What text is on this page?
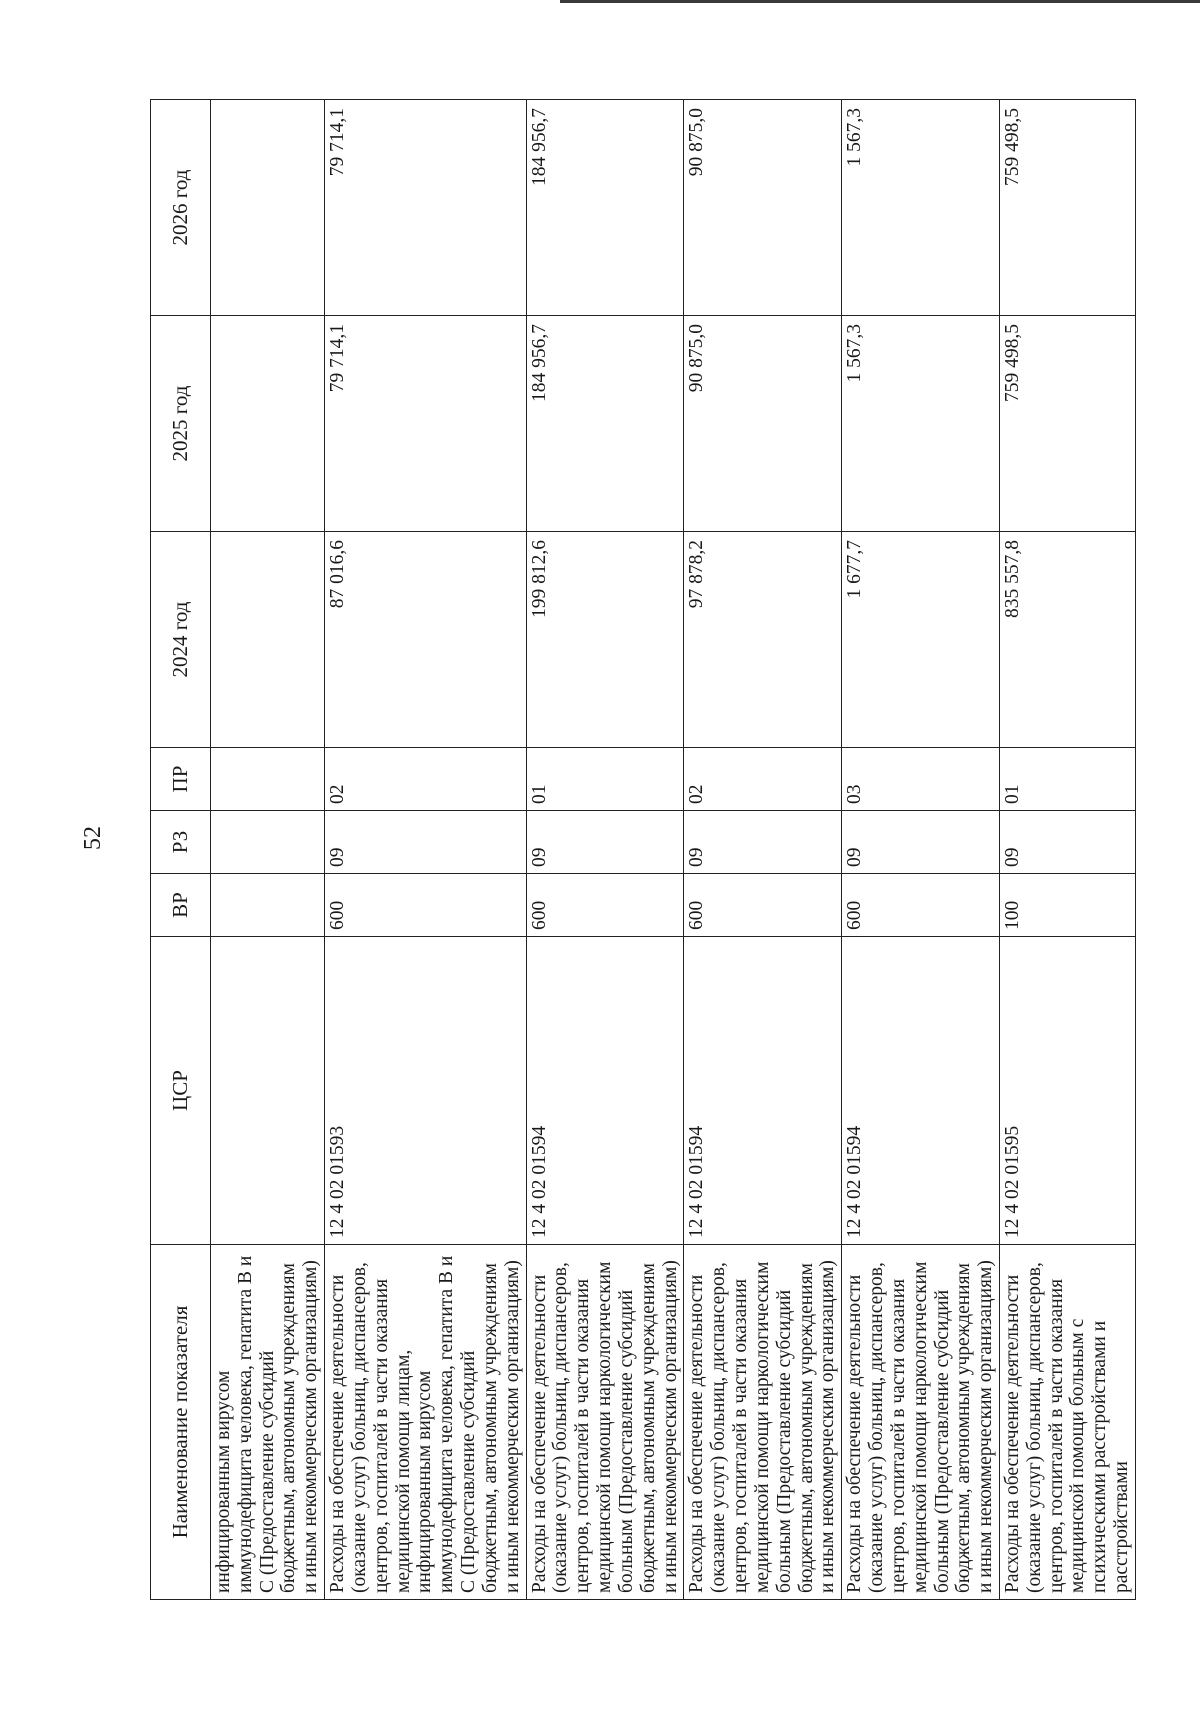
52
Наименование показателя	ЦСР	ВР	РЗ	ПР	2024 год	2025 год	2026 год
инфицированным вирусом иммунодефицита человека, гепатита В и С (Предоставление субсидий бюджетным, автономным учреждениям и иным некоммерческим организациям)							
Расходы на обеспечение деятельности (оказание услуг) больниц, диспансеров, центров, госпиталей в части оказания медицинской помощи лицам, инфицированным вирусом иммунодефицита человека, гепатита В и С (Предоставление субсидий бюджетным, автономным учреждениям и иным некоммерческим организациям)	12 4 02 01593	600	09	02	87 016,6	79 714,1	79 714,1
Расходы на обеспечение деятельности (оказание услуг) больниц, диспансеров, центров, госпиталей в части оказания медицинской помощи наркологическим больным (Предоставление субсидий бюджетным, автономным учреждениям и иным некоммерческим организациям)	12 4 02 01594	600	09	01	199 812,6	184 956,7	184 956,7
Расходы на обеспечение деятельности (оказание услуг) больниц, диспансеров, центров, госпиталей в части оказания медицинской помощи наркологическим больным (Предоставление субсидий бюджетным, автономным учреждениям и иным некоммерческим организациям)	12 4 02 01594	600	09	02	97 878,2	90 875,0	90 875,0
Расходы на обеспечение деятельности (оказание услуг) больниц, диспансеров, центров, госпиталей в части оказания медицинской помощи наркологическим больным (Предоставление субсидий бюджетным, автономным учреждениям и иным некоммерческим организациям)	12 4 02 01594	600	09	03	1 677,7	1 567,3	1 567,3
Расходы на обеспечение деятельности (оказание услуг) больниц, диспансеров, центров, госпиталей в части оказания медицинской помощи больным с психическими расстройствами и расстройствами	12 4 02 01595	100	09	01	835 557,8	759 498,5	759 498,5
